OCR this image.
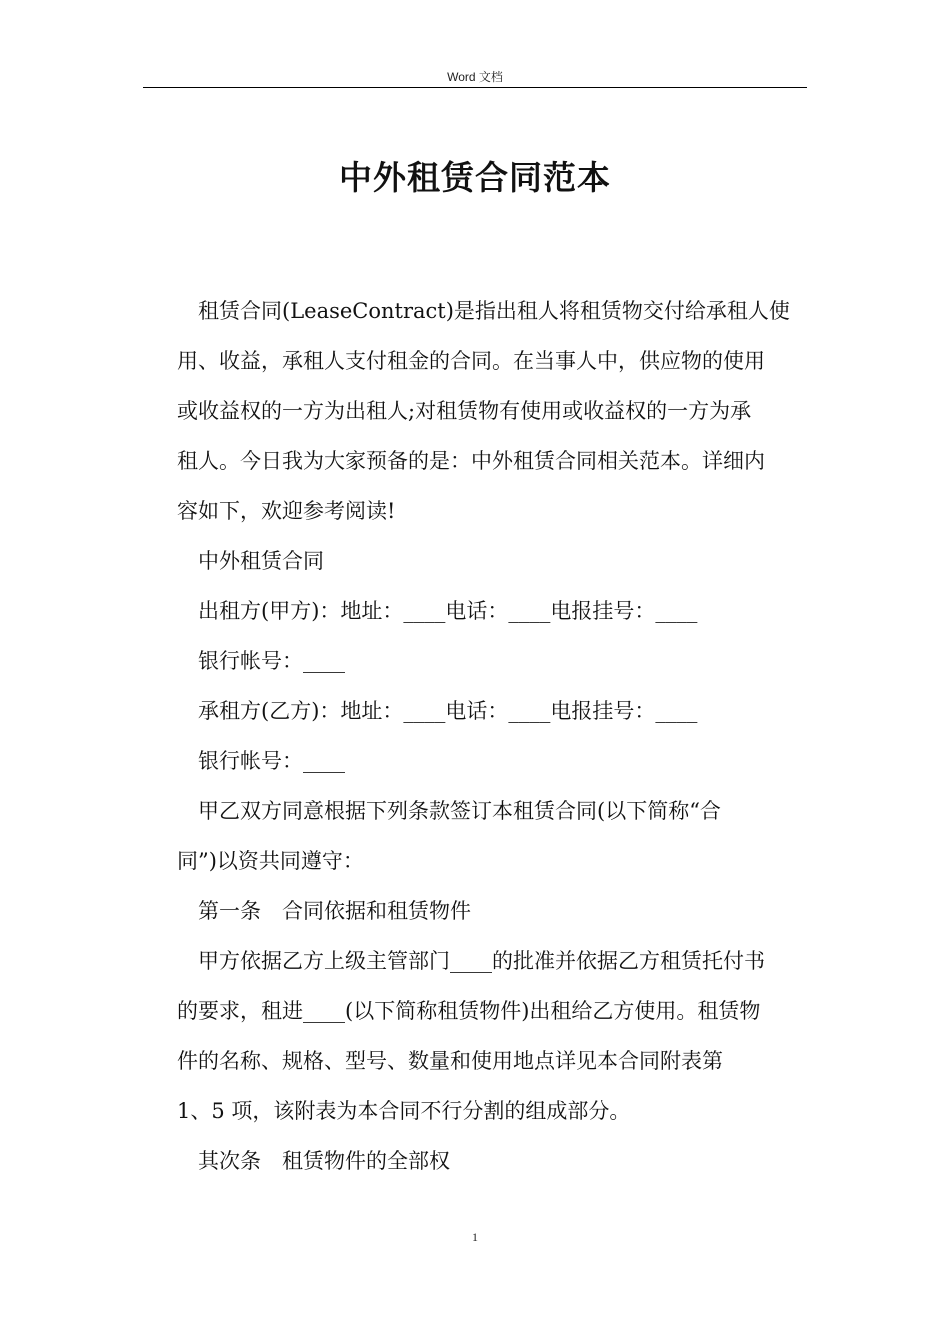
Word 文档
中外租赁合同范本
租赁合同(LeaseContract)是指出租人将租赁物交付给承租人使
用、收益，承租人支付租金的合同。在当事人中，供应物的使用
或收益权的一方为出租人;对租赁物有使用或收益权的一方为承
租人。今日我为大家预备的是：中外租赁合同相关范本。详细内
容如下，欢迎参考阅读!
中外租赁合同
出租方(甲方)：地址：____电话：____电报挂号：____
银行帐号：____
承租方(乙方)：地址：____电话：____电报挂号：____
银行帐号：____
甲乙双方同意根据下列条款签订本租赁合同(以下简称“合
同”)以资共同遵守：
第一条　合同依据和租赁物件
甲方依据乙方上级主管部门____的批准并依据乙方租赁托付书
的要求，租进____(以下简称租赁物件)出租给乙方使用。租赁物
件的名称、规格、型号、数量和使用地点详见本合同附表第
1、5 项，该附表为本合同不行分割的组成部分。
其次条　租赁物件的全部权
1
